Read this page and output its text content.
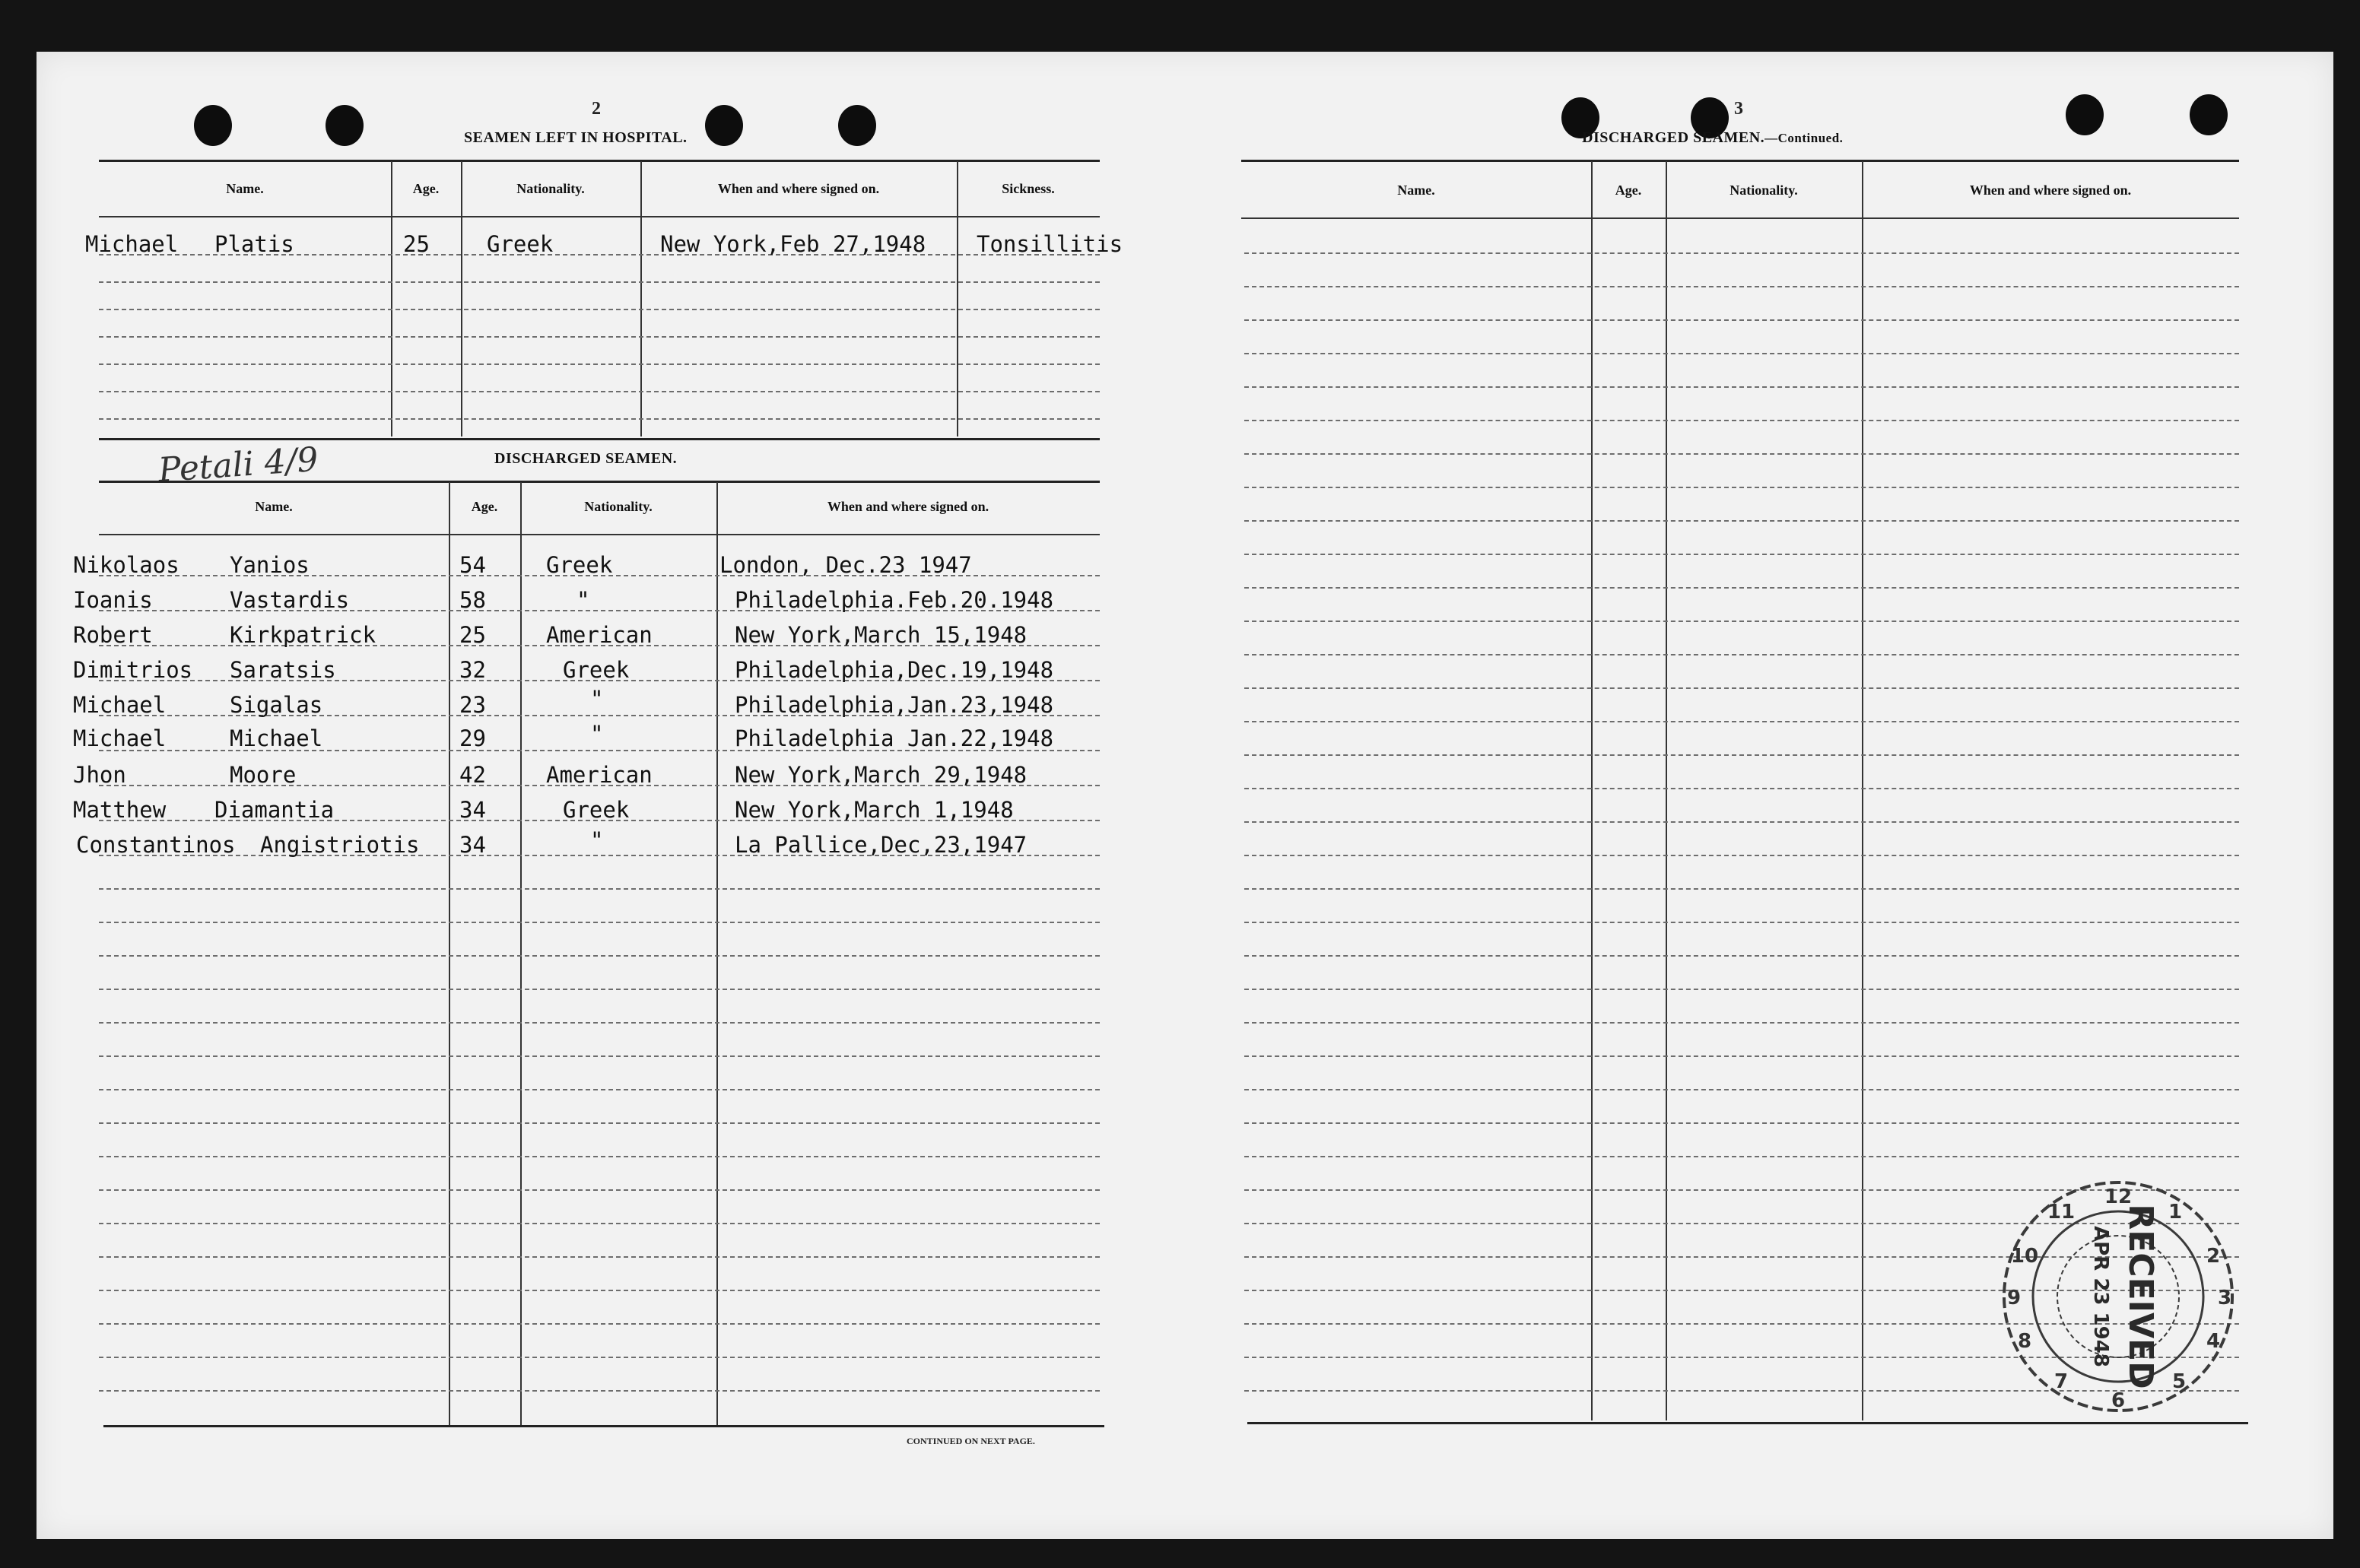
2
SEAMEN LEFT IN HOSPITAL.
Name.	Age.	Nationality.	When and where signed on.	Sickness.
Michael Platis	25	Greek	New York,Feb 27,1948 Tonsillitis
Petali 4/9	DISCHARGED SEAMEN.
Name.	Age.	Nationality.	When and where signed on.
Nikolaos Yanios	54	Greek	London, Dec.23 1947
Ioanis	Vastardis	58	"	Philadelphia.Feb.20.1948
Robert	Kirkpatrick	25	American	New York,March 15,1948
Dimitrios Saratsis	32	Greek	Philadelphia,Dec.19,1948
Michael	Sigalas	23	"	Philadelphia,Jan.23,1948
Michael	Michael	29	"	Philadelphia Jan.22,1948
Jhon	Moore	42	American	New York,March 29,1948
Matthew Diamantia	34	Greek	New York,March 1,1948
Constantinos Angistriotis 34	"	La Pallice,Dec,23,1947
CONTINUED ON NEXT PAGE.
3
DISCHARGED SEAMEN.—Continued.
Name.	Age.	Nationality.	When and where signed on.
12
1
2
3
4
5
6
7
8
9
10
11 RECEIVED
APR 23 1948
